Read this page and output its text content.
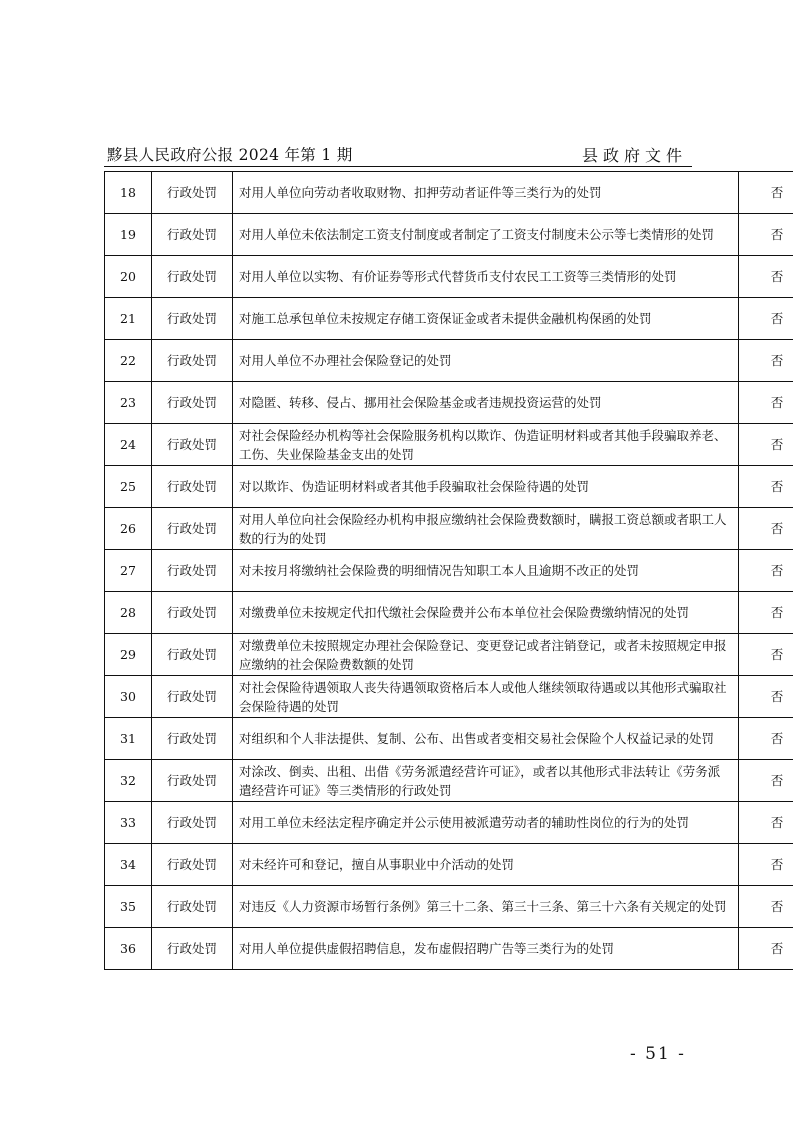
黟县人民政府公报 2024 年第 1 期	县政府文件
18	行政处罚	对用人单位向劳动者收取财物、扣押劳动者证件等三类行为的处罚	否
19	行政处罚	对用人单位未依法制定工资支付制度或者制定了工资支付制度未公示等七类情形的处罚	否
20	行政处罚	对用人单位以实物、有价证券等形式代替货币支付农民工工资等三类情形的处罚	否
21	行政处罚	对施工总承包单位未按规定存储工资保证金或者未提供金融机构保函的处罚	否
22	行政处罚	对用人单位不办理社会保险登记的处罚	否
23	行政处罚	对隐匿、转移、侵占、挪用社会保险基金或者违规投资运营的处罚	否
24	行政处罚	对社会保险经办机构等社会保险服务机构以欺诈、伪造证明材料或者其他手段骗取养老、工伤、失业保险基金支出的处罚	否
25	行政处罚	对以欺诈、伪造证明材料或者其他手段骗取社会保险待遇的处罚	否
26	行政处罚	对用人单位向社会保险经办机构申报应缴纳社会保险费数额时，瞒报工资总额或者职工人数的行为的处罚	否
27	行政处罚	对未按月将缴纳社会保险费的明细情况告知职工本人且逾期不改正的处罚	否
28	行政处罚	对缴费单位未按规定代扣代缴社会保险费并公布本单位社会保险费缴纳情况的处罚	否
29	行政处罚	对缴费单位未按照规定办理社会保险登记、变更登记或者注销登记，或者未按照规定申报应缴纳的社会保险费数额的处罚	否
30	行政处罚	对社会保险待遇领取人丧失待遇领取资格后本人或他人继续领取待遇或以其他形式骗取社会保险待遇的处罚	否
31	行政处罚	对组织和个人非法提供、复制、公布、出售或者变相交易社会保险个人权益记录的处罚	否
32	行政处罚	对涂改、倒卖、出租、出借《劳务派遣经营许可证》，或者以其他形式非法转让《劳务派遣经营许可证》等三类情形的行政处罚	否
33	行政处罚	对用工单位未经法定程序确定并公示使用被派遣劳动者的辅助性岗位的行为的处罚	否
34	行政处罚	对未经许可和登记，擅自从事职业中介活动的处罚	否
35	行政处罚	对违反《人力资源市场暂行条例》第三十二条、第三十三条、第三十六条有关规定的处罚	否
36	行政处罚	对用人单位提供虚假招聘信息，发布虚假招聘广告等三类行为的处罚	否
- 51 -
